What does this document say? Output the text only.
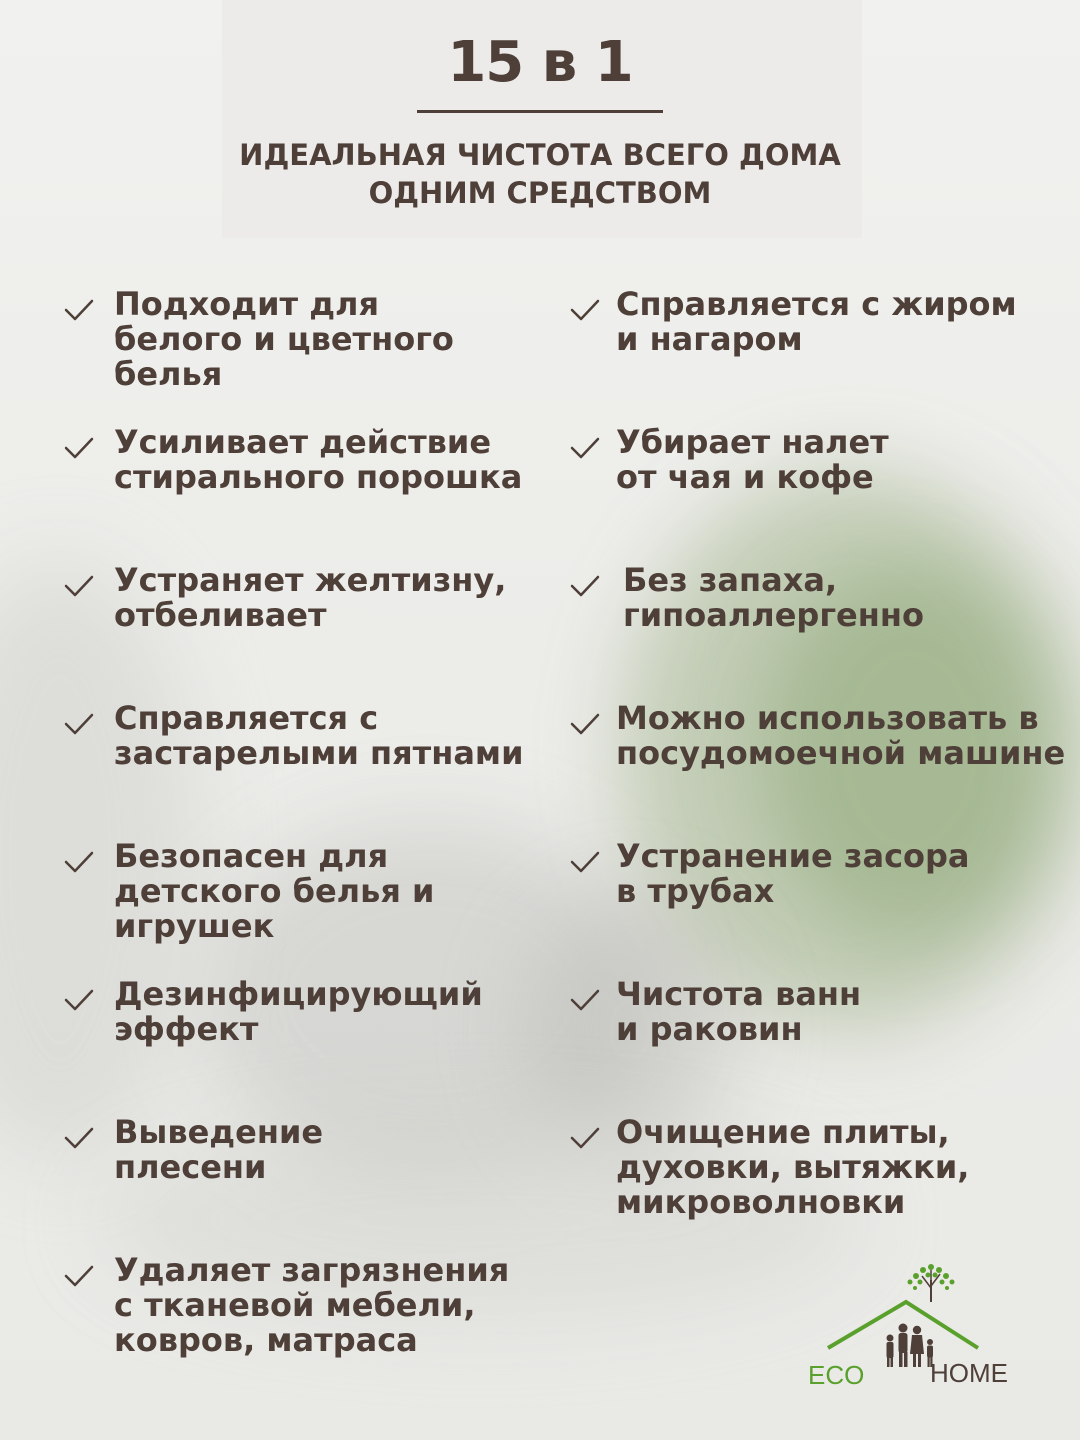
15 в 1
ИДЕАЛЬНАЯ ЧИСТОТА ВСЕГО ДОМА
ОДНИМ СРЕДСТВОМ
Подходит для
белого и цветного
белья
Усиливает действие
стирального порошка
Устраняет желтизну,
отбеливает
Справляется с
застарелыми пятнами
Безопасен для
детского белья и
игрушек
Дезинфицирующий
эффект
Выведение
плесени
Удаляет загрязнения
с тканевой мебели,
ковров, матраса
Справляется с жиром
и нагаром
Убирает налет
от чая и кофе
Без запаха,
гипоаллергенно
Можно использовать в
посудомоечной машине
Устранение засора
в трубах
Чистота ванн
и раковин
Очищение плиты,
духовки, вытяжки,
микроволновки
ECO	HOME
